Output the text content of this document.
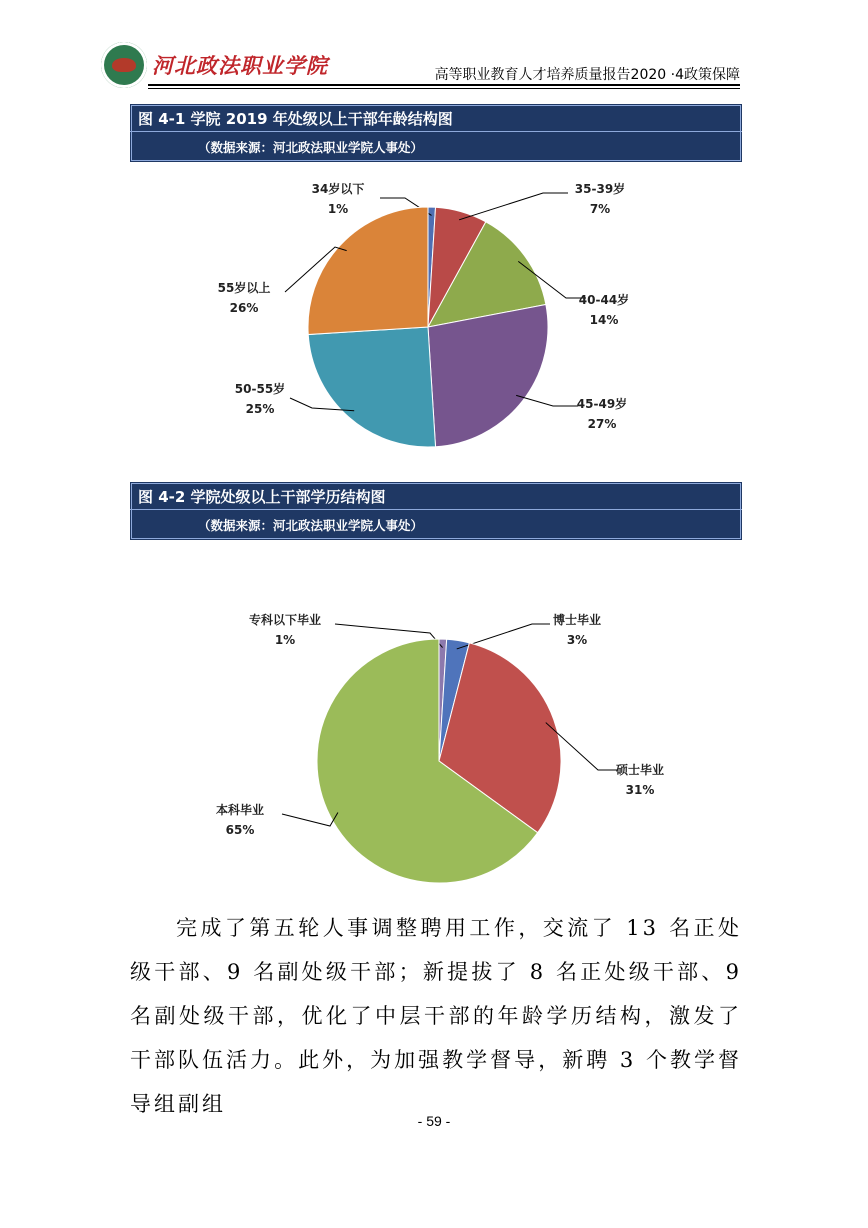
河北政法职业学院	高等职业教育人才培养质量报告2020 ·4政策保障
图 4-1 学院 2019 年处级以上干部年龄结构图
（数据来源：河北政法职业学院人事处）
34岁以下
1%
35-39岁
7%
40-44岁
14%
45-49岁
27%
50-55岁
25%
55岁以上
26%
图 4-2 学院处级以上干部学历结构图
（数据来源：河北政法职业学院人事处）
专科以下毕业
1%
博士毕业
3%
硕士毕业
31%
本科毕业
65%
完成了第五轮人事调整聘用工作，交流了 13 名正处级干部、9 名副处级干部；新提拔了 8 名正处级干部、9 名副处级干部，优化了中层干部的年龄学历结构，激发了干部队伍活力。此外，为加强教学督导，新聘 3 个教学督导组副组
- 59 -
